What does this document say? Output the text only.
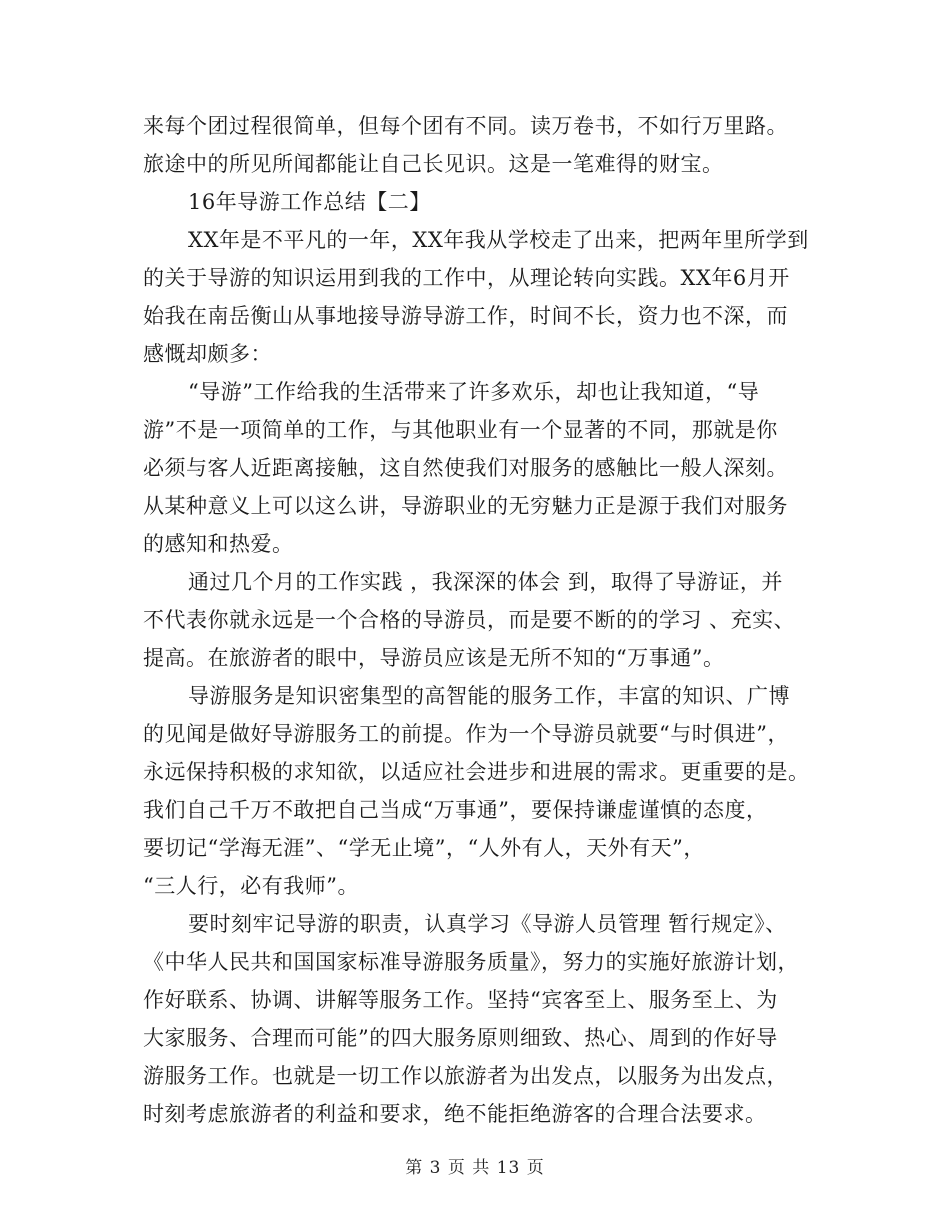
来每个团过程很简单，但每个团有不同。读万卷书，不如行万里路。
旅途中的所见所闻都能让自己长见识。这是一笔难得的财宝。
16年导游工作总结【二】
XX年是不平凡的一年，XX年我从学校走了出来，把两年里所学到
的关于导游的知识运用到我的工作中，从理论转向实践。XX年6月开
始我在南岳衡山从事地接导游导游工作，时间不长，资力也不深，而
感慨却颇多：
“导游”工作给我的生活带来了许多欢乐，却也让我知道，“导
游”不是一项简单的工作，与其他职业有一个显著的不同，那就是你
必须与客人近距离接触，这自然使我们对服务的感触比一般人深刻。
从某种意义上可以这么讲，导游职业的无穷魅力正是源于我们对服务
的感知和热爱。
通过几个月的工作实践 ，我深深的体会 到，取得了导游证，并
不代表你就永远是一个合格的导游员，而是要不断的的学习 、充实、
提高。在旅游者的眼中，导游员应该是无所不知的“万事通”。
导游服务是知识密集型的高智能的服务工作，丰富的知识、广博
的见闻是做好导游服务工的前提。作为一个导游员就要“与时俱进”，
永远保持积极的求知欲，以适应社会进步和进展的需求。更重要的是。
我们自己千万不敢把自己当成“万事通”，要保持谦虚谨慎的态度，
要切记“学海无涯”、“学无止境”，“人外有人，天外有天”，
“三人行，必有我师”。
要时刻牢记导游的职责，认真学习《导游人员管理 暂行规定》、
《中华人民共和国国家标准导游服务质量》，努力的实施好旅游计划，
作好联系、协调、讲解等服务工作。坚持“宾客至上、服务至上、为
大家服务、合理而可能”的四大服务原则细致、热心、周到的作好导
游服务工作。也就是一切工作以旅游者为出发点，以服务为出发点，
时刻考虑旅游者的利益和要求，绝不能拒绝游客的合理合法要求。
第 3 页 共 13 页
